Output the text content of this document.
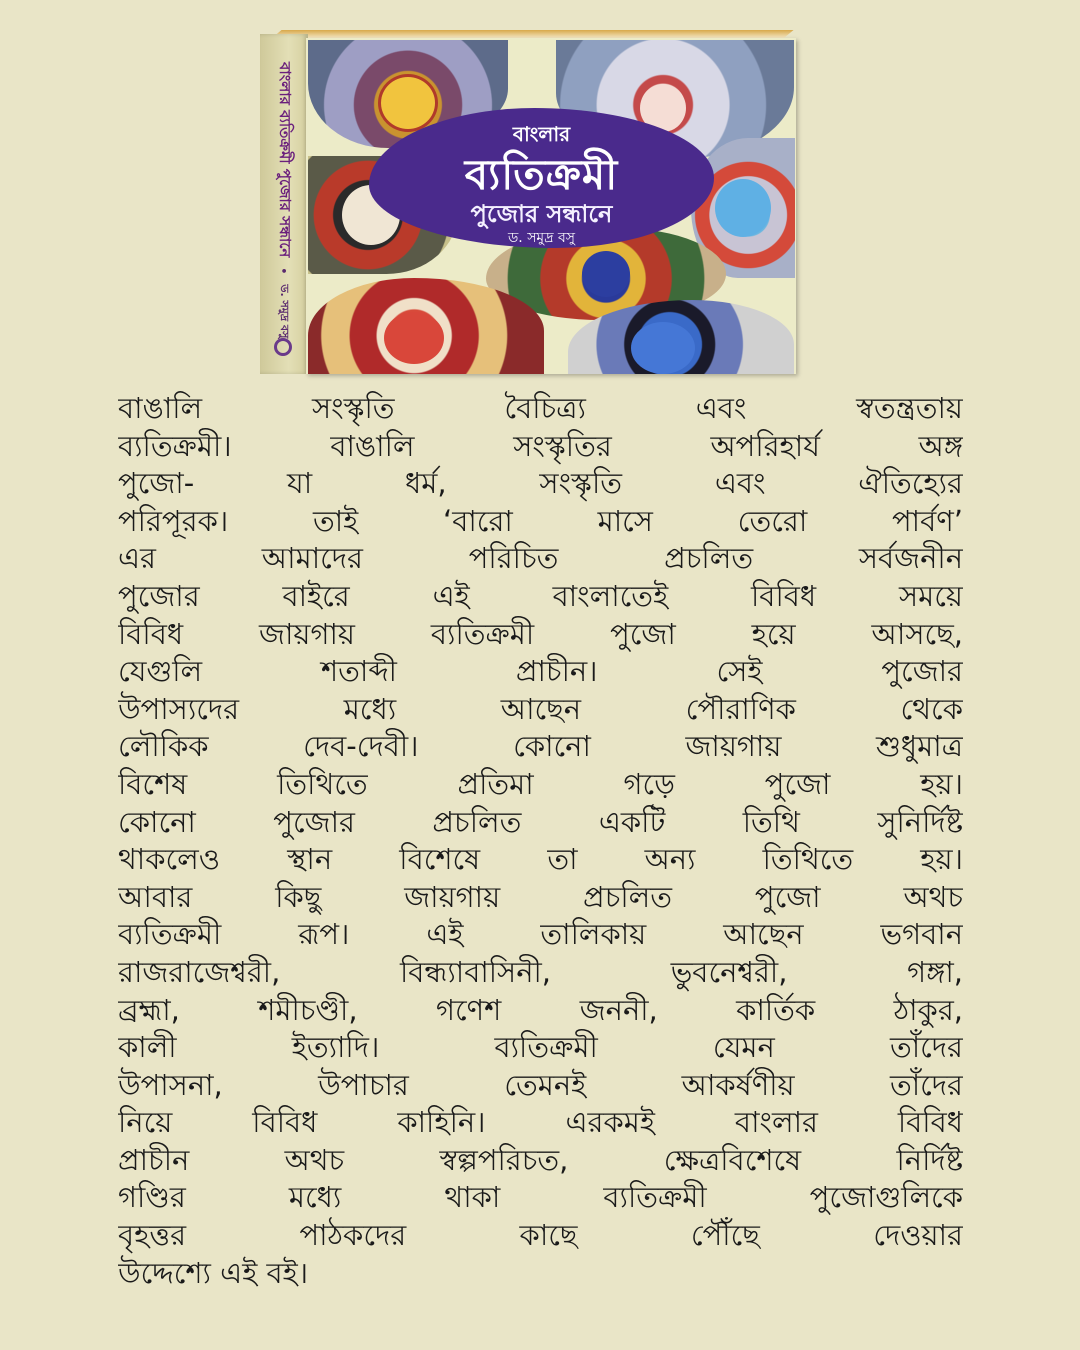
বাংলার ব্যতিক্রমী পুজোর সন্ধানে
•
ড. সমুদ্র বসু
বাংলার
ব্যতিক্রমী
পুজোর সন্ধানে
ড. সমুদ্র বসু
বাঙালি সংস্কৃতি বৈচিত্র্য এবং স্বতন্ত্রতায়
ব্যতিক্রমী। বাঙালি সংস্কৃতির অপরিহার্য অঙ্গ
পুজো- যা ধর্ম, সংস্কৃতি এবং ঐতিহ্যের
পরিপূরক। তাই ‘বারো মাসে তেরো পার্বণ’
এর আমাদের পরিচিত প্রচলিত সর্বজনীন
পুজোর বাইরে এই বাংলাতেই বিবিধ সময়ে
বিবিধ জায়গায় ব্যতিক্রমী পুজো হয়ে আসছে,
যেগুলি শতাব্দী প্রাচীন। সেই পুজোর
উপাস্যদের মধ্যে আছেন পৌরাণিক থেকে
লৌকিক দেব-দেবী। কোনো জায়গায় শুধুমাত্র
বিশেষ তিথিতে প্রতিমা গড়ে পুজো হয়।
কোনো পুজোর প্রচলিত একটি তিথি সুনির্দিষ্ট
থাকলেও স্থান বিশেষে তা অন্য তিথিতে হয়।
আবার কিছু জায়গায় প্রচলিত পুজো অথচ
ব্যতিক্রমী রূপ। এই তালিকায় আছেন ভগবান
রাজরাজেশ্বরী, বিন্ধ্যাবাসিনী, ভুবনেশ্বরী, গঙ্গা,
ব্রহ্মা, শমীচণ্ডী, গণেশ জননী, কার্তিক ঠাকুর,
কালী ইত্যাদি। ব্যতিক্রমী যেমন তাঁদের
উপাসনা, উপাচার তেমনই আকর্ষণীয় তাঁদের
নিয়ে বিবিধ কাহিনি। এরকমই বাংলার বিবিধ
প্রাচীন অথচ স্বল্পপরিচত, ক্ষেত্রবিশেষে নির্দিষ্ট
গণ্ডির মধ্যে থাকা ব্যতিক্রমী পুজোগুলিকে
বৃহত্তর পাঠকদের কাছে পৌঁছে দেওয়ার
উদ্দেশ্যে এই বই।
